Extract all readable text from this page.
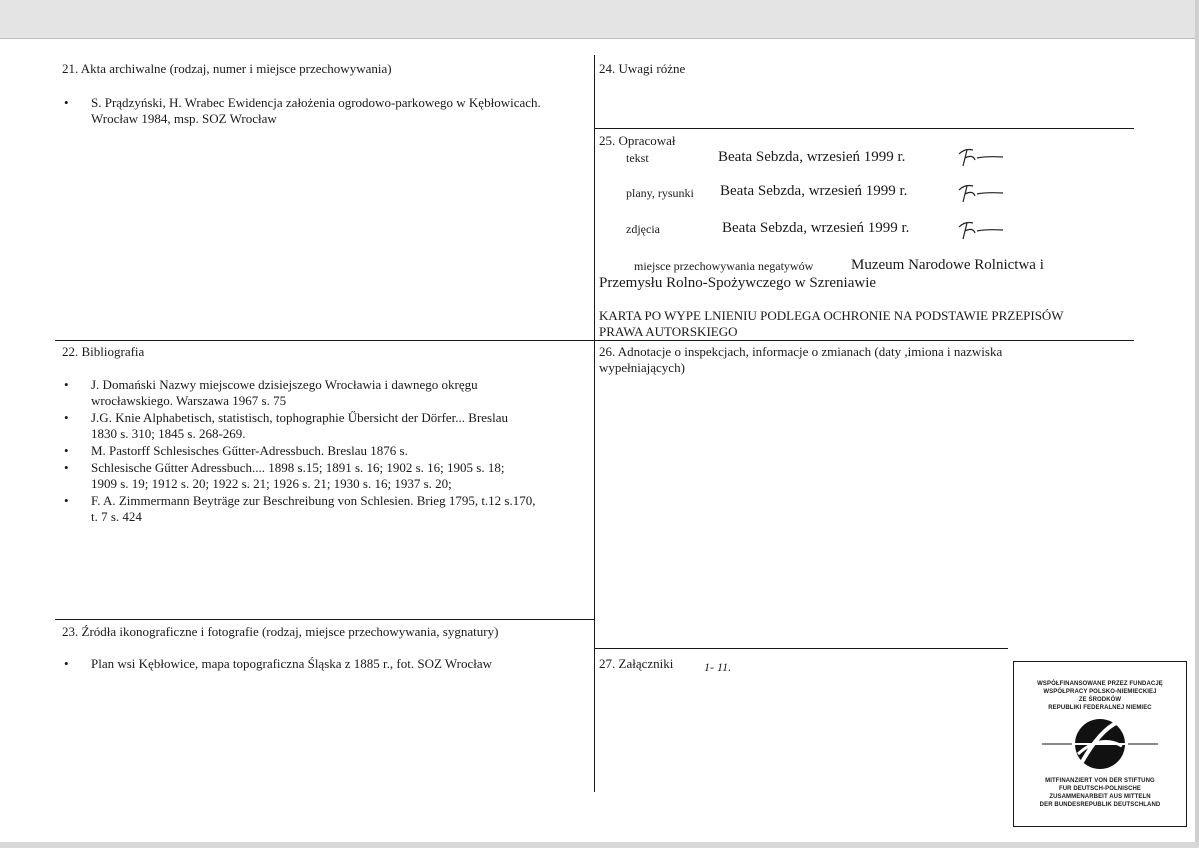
21. Akta archiwalne (rodzaj, numer i miejsce przechowywania)
• S. Prądzyński, H. Wrabec Ewidencja założenia ogrodowo-parkowego w Kębłowicach.
Wrocław 1984, msp. SOZ Wrocław
24. Uwagi różne
25. Opracował
tekst	Beata Sebzda, wrzesień 1999 r.
plany, rysunki Beata Sebzda, wrzesień 1999 r.
zdjęcia	Beata Sebzda, wrzesień 1999 r.
miejsce przechowywania negatywów	Muzeum Narodowe Rolnictwa i
Przemysłu Rolno-Spożywczego w Szreniawie
KARTA PO WYPE LNIENIU PODLEGA OCHRONIE NA PODSTAWIE PRZEPISÓW
PRAWA AUTORSKIEGO
22. Bibliografia
• J. Domański Nazwy miejscowe dzisiejszego Wrocławia i dawnego okręgu
wrocławskiego. Warszawa 1967 s. 75
• J.G. Knie Alphabetisch, statistisch, tophographie Űbersicht der Dörfer... Breslau
1830 s. 310; 1845 s. 268-269.
• M. Pastorff Schlesisches Gűtter-Adressbuch. Breslau 1876 s.
• Schlesische Gűtter Adressbuch.... 1898 s.15; 1891 s. 16; 1902 s. 16; 1905 s. 18;
1909 s. 19; 1912 s. 20; 1922 s. 21; 1926 s. 21; 1930 s. 16; 1937 s. 20;
• F. A. Zimmermann Beyträge zur Beschreibung von Schlesien. Brieg 1795, t.12 s.170,
t. 7 s. 424
26. Adnotacje o inspekcjach, informacje o zmianach (daty ,imiona i nazwiska
wypełniających)
23. Źródła ikonograficzne i fotografie (rodzaj, miejsce przechowywania, sygnatury)
• Plan wsi Kębłowice, mapa topograficzna Śląska z 1885 r., fot. SOZ Wrocław	27. Załączniki	1- 11.
WSPÓŁFINANSOWANE PRZEZ FUNDACJĘ
WSPÓŁPRACY POLSKO-NIEMIECKIEJ
ZE ŚRODKÓW
REPUBLIKI FEDERALNEJ NIEMIEC
MITFINANZIERT VON DER STIFTUNG
FUR DEUTSCH-POLNISCHE
ZUSAMMENARBEIT AUS MITTELN
DER BUNDESREPUBLIK DEUTSCHLAND
